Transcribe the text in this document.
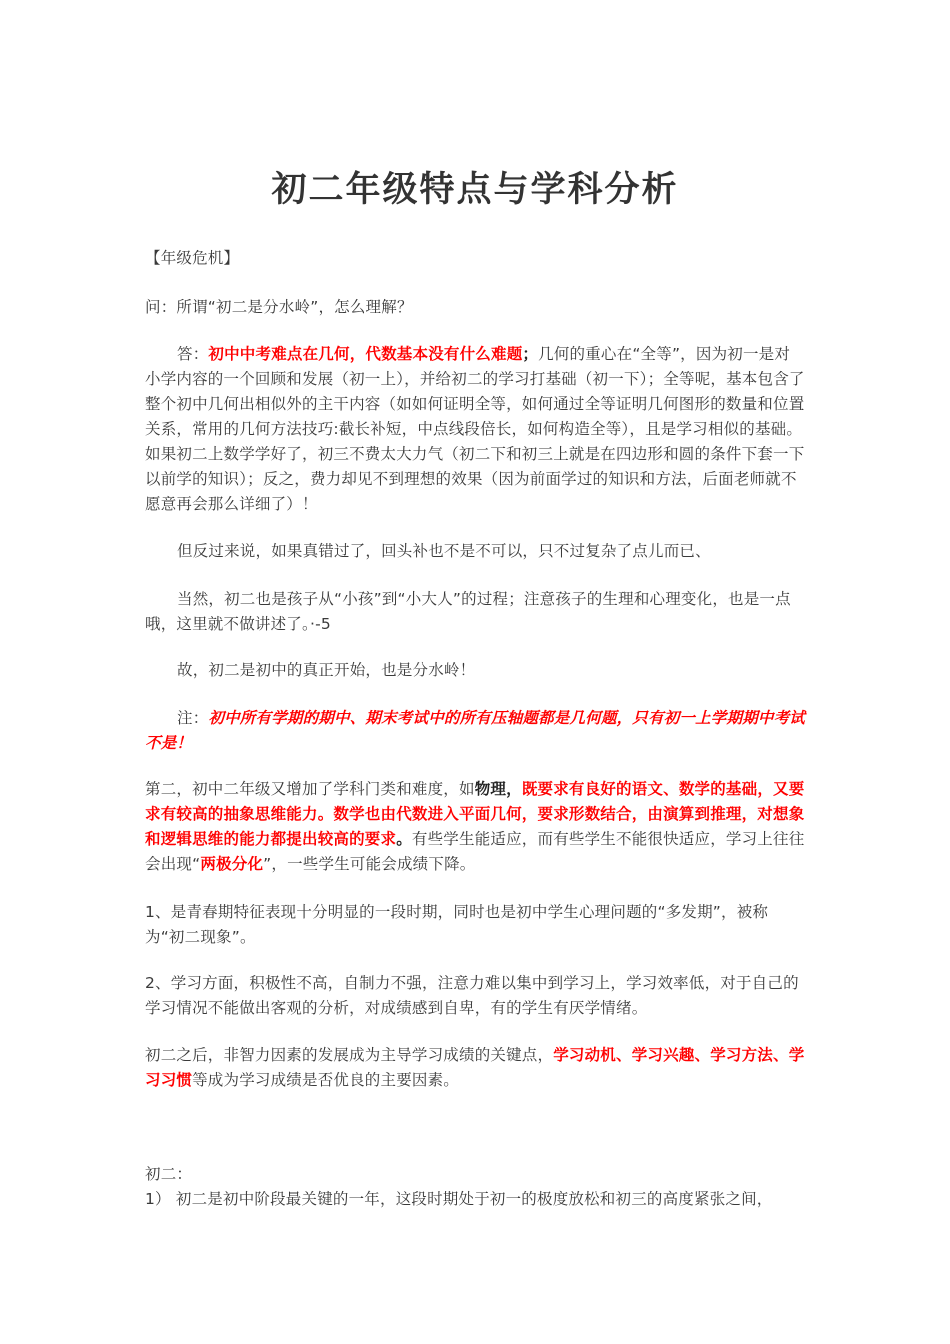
初二年级特点与学科分析

【年级危机】

问：所谓“初二是分水岭”，怎么理解？

答：初中中考难点在几何，代数基本没有什么难题；几何的重心在“全等”，因为初一是对小学内容的一个回顾和发展（初一上），并给初二的学习打基础（初一下）；全等呢，基本包含了整个初中几何出相似外的主干内容（如如何证明全等，如何通过全等证明几何图形的数量和位置关系，常用的几何方法技巧:截长补短，中点线段倍长，如何构造全等），且是学习相似的基础。如果初二上数学学好了，初三不费太大力气（初二下和初三上就是在四边形和圆的条件下套一下以前学的知识）；反之，费力却见不到理想的效果（因为前面学过的知识和方法，后面老师就不愿意再会那么详细了）！

但反过来说，如果真错过了，回头补也不是不可以，只不过复杂了点儿而已、

当然，初二也是孩子从“小孩”到“小大人”的过程；注意孩子的生理和心理变化，也是一点哦，这里就不做讲述了。·-5

故，初二是初中的真正开始，也是分水岭！

注：初中所有学期的期中、期末考试中的所有压轴题都是几何题，只有初一上学期期中考试不是！

第二，初中二年级又增加了学科门类和难度，如物理，既要求有良好的语文、数学的基础，又要求有较高的抽象思维能力。数学也由代数进入平面几何，要求形数结合，由演算到推理，对想象和逻辑思维的能力都提出较高的要求。有些学生能适应，而有些学生不能很快适应，学习上往往会出现“两极分化”，一些学生可能会成绩下降。

1、是青春期特征表现十分明显的一段时期，同时也是初中学生心理问题的“多发期”，被称为“初二现象”。

2、学习方面，积极性不高，自制力不强，注意力难以集中到学习上，学习效率低，对于自己的学习情况不能做出客观的分析，对成绩感到自卑，有的学生有厌学情绪。

初二之后，非智力因素的发展成为主导学习成绩的关键点，学习动机、学习兴趣、学习方法、学习习惯等成为学习成绩是否优良的主要因素。

初二：

1） 初二是初中阶段最关键的一年，这段时期处于初一的极度放松和初三的高度紧张之间，
